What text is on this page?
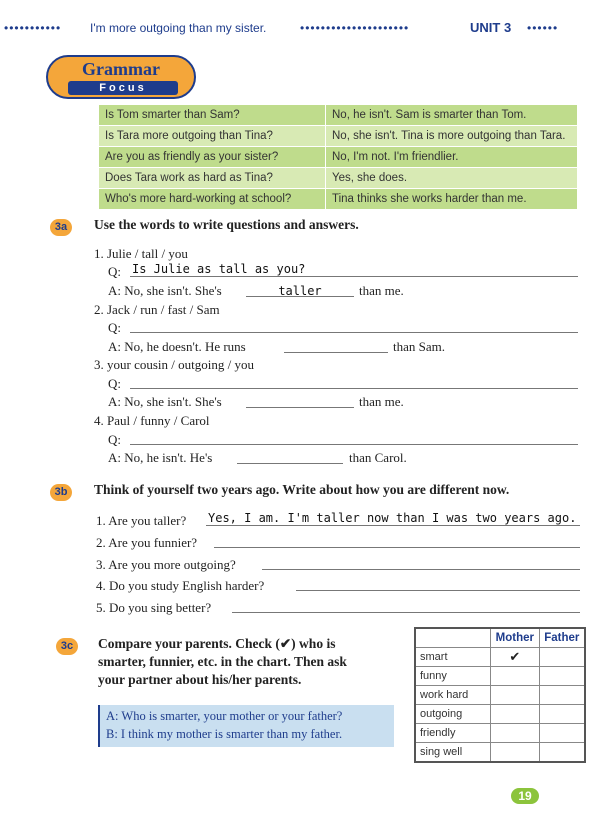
••••••••••• I'm more outgoing than my sister.	•••••••••••••••••••••	UNIT 3 ••••••
Grammar
Focus
Is Tom smarter than Sam?	No, he isn't. Sam is smarter than Tom.
Is Tara more outgoing than Tina?	No, she isn't. Tina is more outgoing than Tara.
Are you as friendly as your sister?	No, I'm not. I'm friendlier.
Does Tara work as hard as Tina?	Yes, she does.
Who's more hard-working at school?	Tina thinks she works harder than me.
3a	Use the words to write questions and answers.
1. Julie / tall / you
Q: Is Julie as tall as you?
A: No, she isn't. She's	taller	than me.
2. Jack / run / fast / Sam
Q:
A: No, he doesn't. He runs	than Sam.
3. your cousin / outgoing / you
Q:
A: No, she isn't. She's	than me.
4. Paul / funny / Carol
Q:
A: No, he isn't. He's	than Carol.
3b	Think of yourself two years ago. Write about how you are different now.
1. Are you taller? Yes, I am. I'm taller now than I was two years ago.
2. Are you funnier?
3. Are you more outgoing?
4. Do you study English harder?
5. Do you sing better?
3c	Compare your parents. Check (✔) who is
smarter, funnier, etc. in the chart. Then ask
your partner about his/her parents.
A: Who is smarter, your mother or your father?
B: I think my mother is smarter than my father.
	Mother	Father
smart	✔	
funny		
work hard		
outgoing		
friendly		
sing well		
19
